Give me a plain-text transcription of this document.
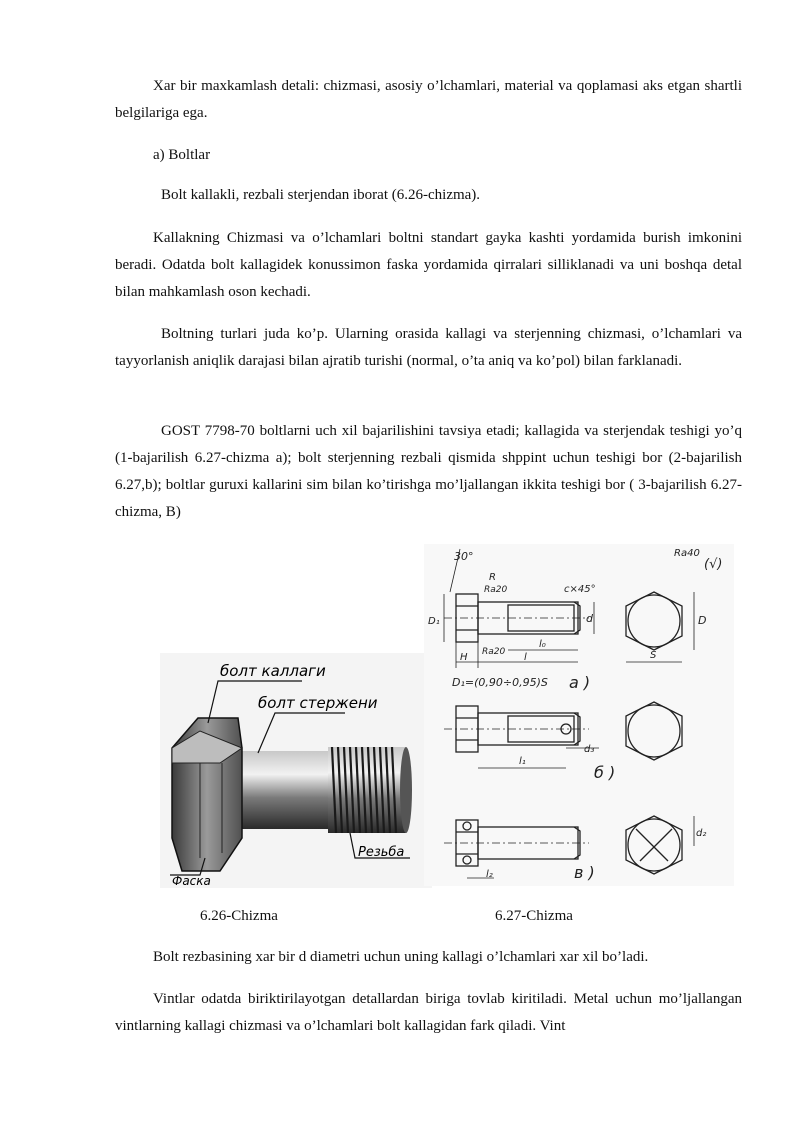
Xar bir maxkamlash detali: chizmasi, asosiy o’lchamlari, material va qoplamasi aks etgan shartli belgilariga ega.

a) Boltlar

Bolt kallakli, rezbali sterjendan iborat (6.26-chizma).

Kallakning Chizmasi va o’lchamlari boltni standart gayka kashti yordamida burish imkonini beradi. Odatda bolt kallagidek konussimon faska yordamida qirralari silliklanadi va uni boshqa detal bilan mahkamlash oson kechadi.

Boltning turlari juda ko’p. Ularning orasida kallagi va sterjenning chizmasi, o’lchamlari va tayyorlanish aniqlik darajasi bilan ajratib turishi (normal, o’ta aniq va ko’pol) bilan farklanadi.

GOST 7798-70 boltlarni uch xil bajarilishini tavsiya etadi; kallagida va sterjendak teshigi yo’q (1-bajarilish 6.27-chizma a); bolt sterjenning rezbali qismida shppint uchun teshigi bor (2-bajarilish 6.27,b); boltlar guruxi kallarini sim bilan ko’tirishga mo’ljallangan ikkita teshigi bor ( 3-bajarilish 6.27-chizma, B)

болт каллаги
болт стержени
Резьба
Фаска
30°
R
Ra20	c×45°
Ra40
(√)
D₁	d	D
Ra20
H	l
l₀
S
D₁=(0,90÷0,95)S a )
l₁
d₃
б )
l₂
d₂
в )
6.26-Chizma	6.27-Chizma

Bolt rezbasining xar bir d diametri uchun uning kallagi o’lchamlari xar xil bo’ladi.

Vintlar odatda biriktirilayotgan detallardan biriga tovlab kiritiladi. Metal uchun mo’ljallangan vintlarning kallagi chizmasi va o’lchamlari bolt kallagidan fark qiladi. Vint
